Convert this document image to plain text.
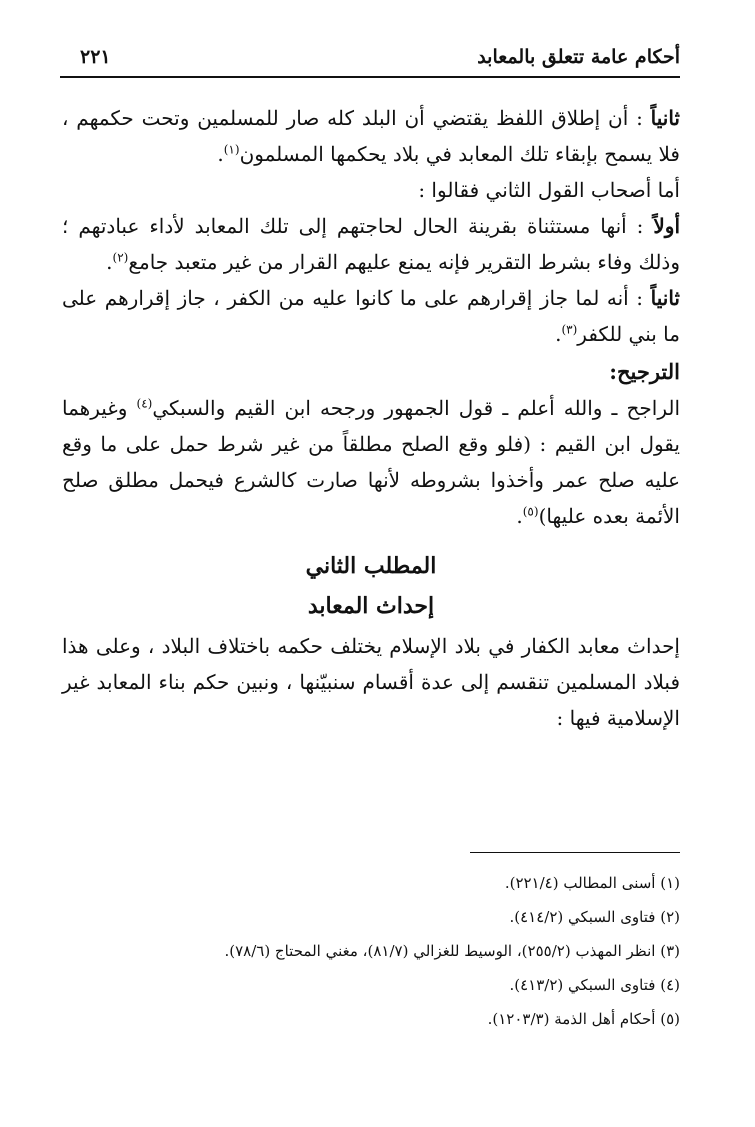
أحكام عامة تتعلق بالمعابد
٢٢١

ثانياً : أن إطلاق اللفظ يقتضي أن البلد كله صار للمسلمين وتحت حكمهم ، فلا يسمح بإبقاء تلك المعابد في بلاد يحكمها المسلمون$^{(١)}$.

أما أصحاب القول الثاني فقالوا :

أولاً : أنها مستثناة بقرينة الحال لحاجتهم إلى تلك المعابد لأداء عبادتهم ؛ وذلك وفاء بشرط التقرير فإنه يمنع عليهم القرار من غير متعبد جامع$^{(٢)}$.

ثانياً : أنه لما جاز إقرارهم على ما كانوا عليه من الكفر ، جاز إقرارهم على ما بني للكفر$^{(٣)}$.

الترجيح:

الراجح ـ والله أعلم ـ قول الجمهور ورجحه ابن القيم والسبكي$^{(٤)}$ وغيرهما يقول ابن القيم : (فلو وقع الصلح مطلقاً من غير شرط حمل على ما وقع عليه صلح عمر وأخذوا بشروطه لأنها صارت كالشرع فيحمل مطلق صلح الأئمة بعده عليها)$^{(٥)}$.

المطلب الثاني

إحداث المعابد

إحداث معابد الكفار في بلاد الإسلام يختلف حكمه باختلاف البلاد ، وعلى هذا فبلاد المسلمين تنقسم إلى عدة أقسام سنبيّنها ، ونبين حكم بناء المعابد غير الإسلامية فيها :

(١) أسنى المطالب (٢٢١/٤).

(٢) فتاوى السبكي (٤١٤/٢).

(٣) انظر المهذب (٢٥٥/٢)، الوسيط للغزالي (٨١/٧)، مغني المحتاج (٧٨/٦).

(٤) فتاوى السبكي (٤١٣/٢).

(٥) أحكام أهل الذمة (١٢٠٣/٣).
